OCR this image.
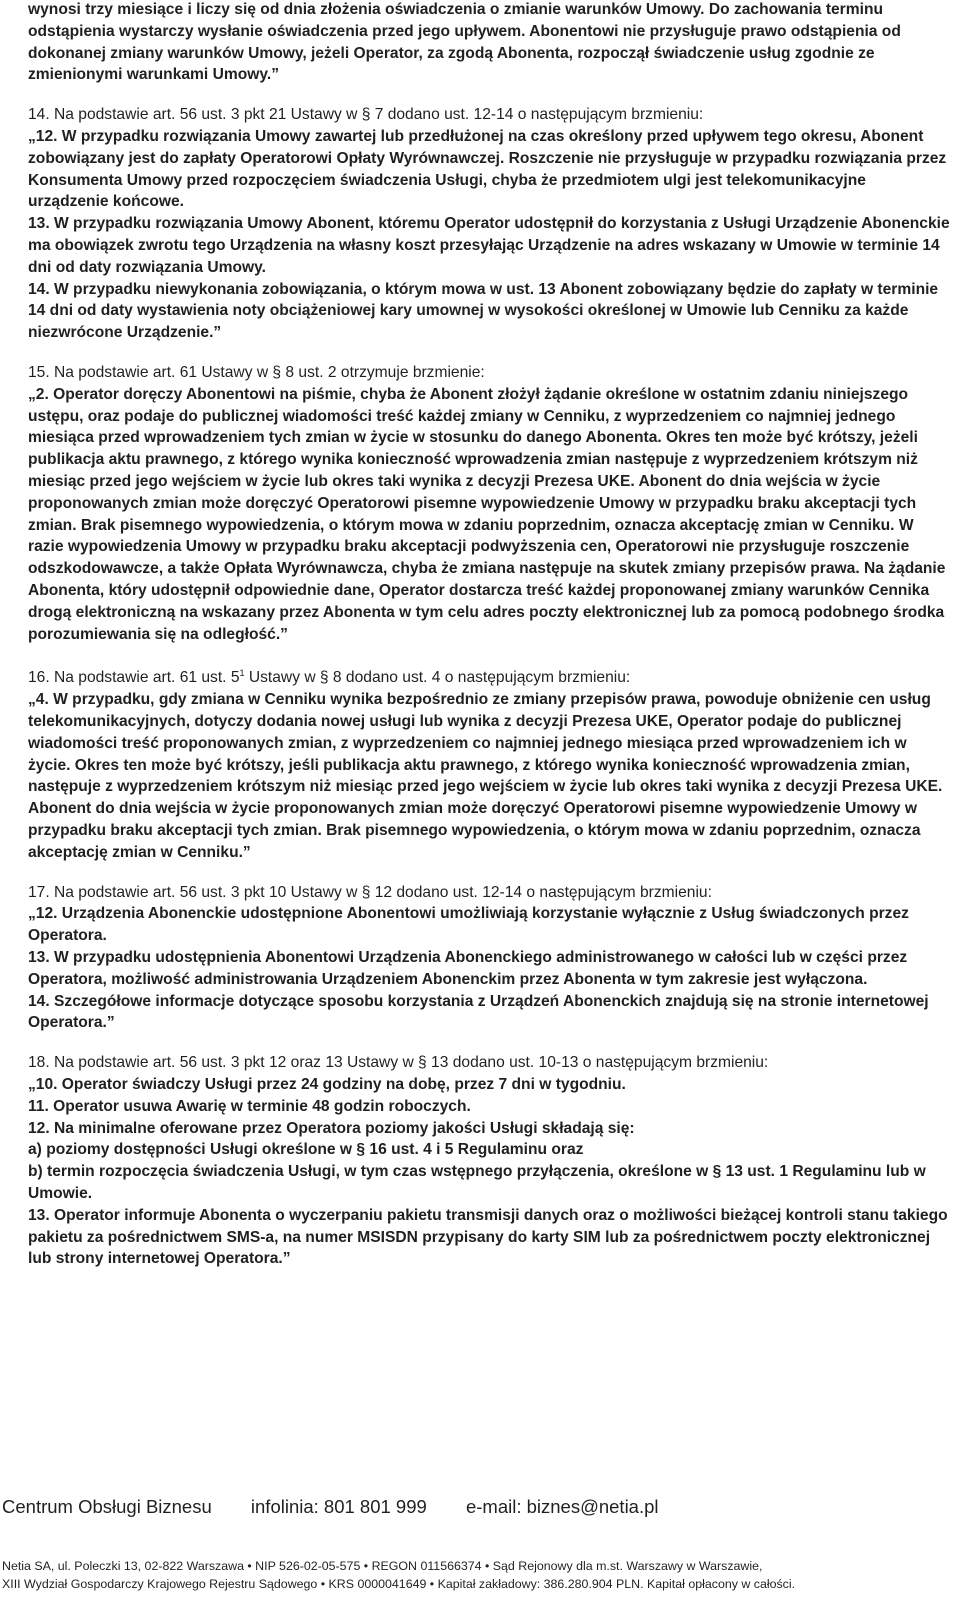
wynosi trzy miesiące i liczy się od dnia złożenia oświadczenia o zmianie warunków Umowy. Do zachowania terminu odstąpienia wystarczy wysłanie oświadczenia przed jego upływem. Abonentowi nie przysługuje prawo odstąpienia od dokonanej zmiany warunków Umowy, jeżeli Operator, za zgodą Abonenta, rozpoczął świadczenie usług zgodnie ze zmienionymi warunkami Umowy.”

14. Na podstawie art. 56 ust. 3 pkt 21 Ustawy w § 7 dodano ust. 12-14 o następującym brzmieniu:

„12. W przypadku rozwiązania Umowy zawartej lub przedłużonej na czas określony przed upływem tego okresu, Abonent zobowiązany jest do zapłaty Operatorowi Opłaty Wyrównawczej. Roszczenie nie przysługuje w przypadku rozwiązania przez Konsumenta Umowy przed rozpoczęciem świadczenia Usługi, chyba że przedmiotem ulgi jest telekomunikacyjne urządzenie końcowe.

13. W przypadku rozwiązania Umowy Abonent, któremu Operator udostępnił do korzystania z Usługi Urządzenie Abonenckie ma obowiązek zwrotu tego Urządzenia na własny koszt przesyłając Urządzenie na adres wskazany w Umowie w terminie 14 dni od daty rozwiązania Umowy.

14. W przypadku niewykonania zobowiązania, o którym mowa w ust. 13 Abonent zobowiązany będzie do zapłaty w terminie 14 dni od daty wystawienia noty obciążeniowej kary umownej w wysokości określonej w Umowie lub Cenniku za każde niezwrócone Urządzenie.”

15. Na podstawie art. 61 Ustawy w § 8 ust. 2 otrzymuje brzmienie:

„2. Operator doręczy Abonentowi na piśmie, chyba że Abonent złożył żądanie określone w ostatnim zdaniu niniejszego ustępu, oraz podaje do publicznej wiadomości treść każdej zmiany w Cenniku, z wyprzedzeniem co najmniej jednego miesiąca przed wprowadzeniem tych zmian w życie w stosunku do danego Abonenta. Okres ten może być krótszy, jeżeli publikacja aktu prawnego, z którego wynika konieczność wprowadzenia zmian następuje z wyprzedzeniem krótszym niż miesiąc przed jego wejściem w życie lub okres taki wynika z decyzji Prezesa UKE. Abonent do dnia wejścia w życie proponowanych zmian może doręczyć Operatorowi pisemne wypowiedzenie Umowy w przypadku braku akceptacji tych zmian. Brak pisemnego wypowiedzenia, o którym mowa w zdaniu poprzednim, oznacza akceptację zmian w Cenniku. W razie wypowiedzenia Umowy w przypadku braku akceptacji podwyższenia cen, Operatorowi nie przysługuje roszczenie odszkodowawcze, a także Opłata Wyrównawcza, chyba że zmiana następuje na skutek zmiany przepisów prawa. Na żądanie Abonenta, który udostępnił odpowiednie dane, Operator dostarcza treść każdej proponowanej zmiany warunków Cennika drogą elektroniczną na wskazany przez Abonenta w tym celu adres poczty elektronicznej lub za pomocą podobnego środka porozumiewania się na odległość.”

16. Na podstawie art. 61 ust. $5^1$ Ustawy w § 8 dodano ust. 4 o następującym brzmieniu:

„4. W przypadku, gdy zmiana w Cenniku wynika bezpośrednio ze zmiany przepisów prawa, powoduje obniżenie cen usług telekomunikacyjnych, dotyczy dodania nowej usługi lub wynika z decyzji Prezesa UKE, Operator podaje do publicznej wiadomości treść proponowanych zmian, z wyprzedzeniem co najmniej jednego miesiąca przed wprowadzeniem ich w życie. Okres ten może być krótszy, jeśli publikacja aktu prawnego, z którego wynika konieczność wprowadzenia zmian, następuje z wyprzedzeniem krótszym niż miesiąc przed jego wejściem w życie lub okres taki wynika z decyzji Prezesa UKE. Abonent do dnia wejścia w życie proponowanych zmian może doręczyć Operatorowi pisemne wypowiedzenie Umowy w przypadku braku akceptacji tych zmian. Brak pisemnego wypowiedzenia, o którym mowa w zdaniu poprzednim, oznacza akceptację zmian w Cenniku.”

17. Na podstawie art. 56 ust. 3 pkt 10 Ustawy w § 12 dodano ust. 12-14 o następującym brzmieniu:

„12. Urządzenia Abonenckie udostępnione Abonentowi umożliwiają korzystanie wyłącznie z Usług świadczonych przez Operatora.

13. W przypadku udostępnienia Abonentowi Urządzenia Abonenckiego administrowanego w całości lub w części przez Operatora, możliwość administrowania Urządzeniem Abonenckim przez Abonenta w tym zakresie jest wyłączona.

14. Szczegółowe informacje dotyczące sposobu korzystania z Urządzeń Abonenckich znajdują się na stronie internetowej Operatora.”

18. Na podstawie art. 56 ust. 3 pkt 12 oraz 13 Ustawy w § 13 dodano ust. 10-13 o następującym brzmieniu:

„10. Operator świadczy Usługi przez 24 godziny na dobę, przez 7 dni w tygodniu.

11. Operator usuwa Awarię w terminie 48 godzin roboczych.

12. Na minimalne oferowane przez Operatora poziomy jakości Usługi składają się:

a) poziomy dostępności Usługi określone w § 16 ust. 4 i 5 Regulaminu oraz

b) termin rozpoczęcia świadczenia Usługi, w tym czas wstępnego przyłączenia, określone w § 13 ust. 1 Regulaminu lub w Umowie.

13. Operator informuje Abonenta o wyczerpaniu pakietu transmisji danych oraz o możliwości bieżącej kontroli stanu takiego pakietu za pośrednictwem SMS-a, na numer MSISDN przypisany do karty SIM lub za pośrednictwem poczty elektronicznej lub strony internetowej Operatora.”

Centrum Obsługi Biznesu infolinia: 801 801 999 e-mail: biznes@netia.pl
Netia SA, ul. Poleczki 13, 02-822 Warszawa • NIP 526-02-05-575 • REGON 011566374 • Sąd Rejonowy dla m.st. Warszawy w Warszawie,
XIII Wydział Gospodarczy Krajowego Rejestru Sądowego • KRS 0000041649 • Kapitał zakładowy: 386.280.904 PLN. Kapitał opłacony w całości.
